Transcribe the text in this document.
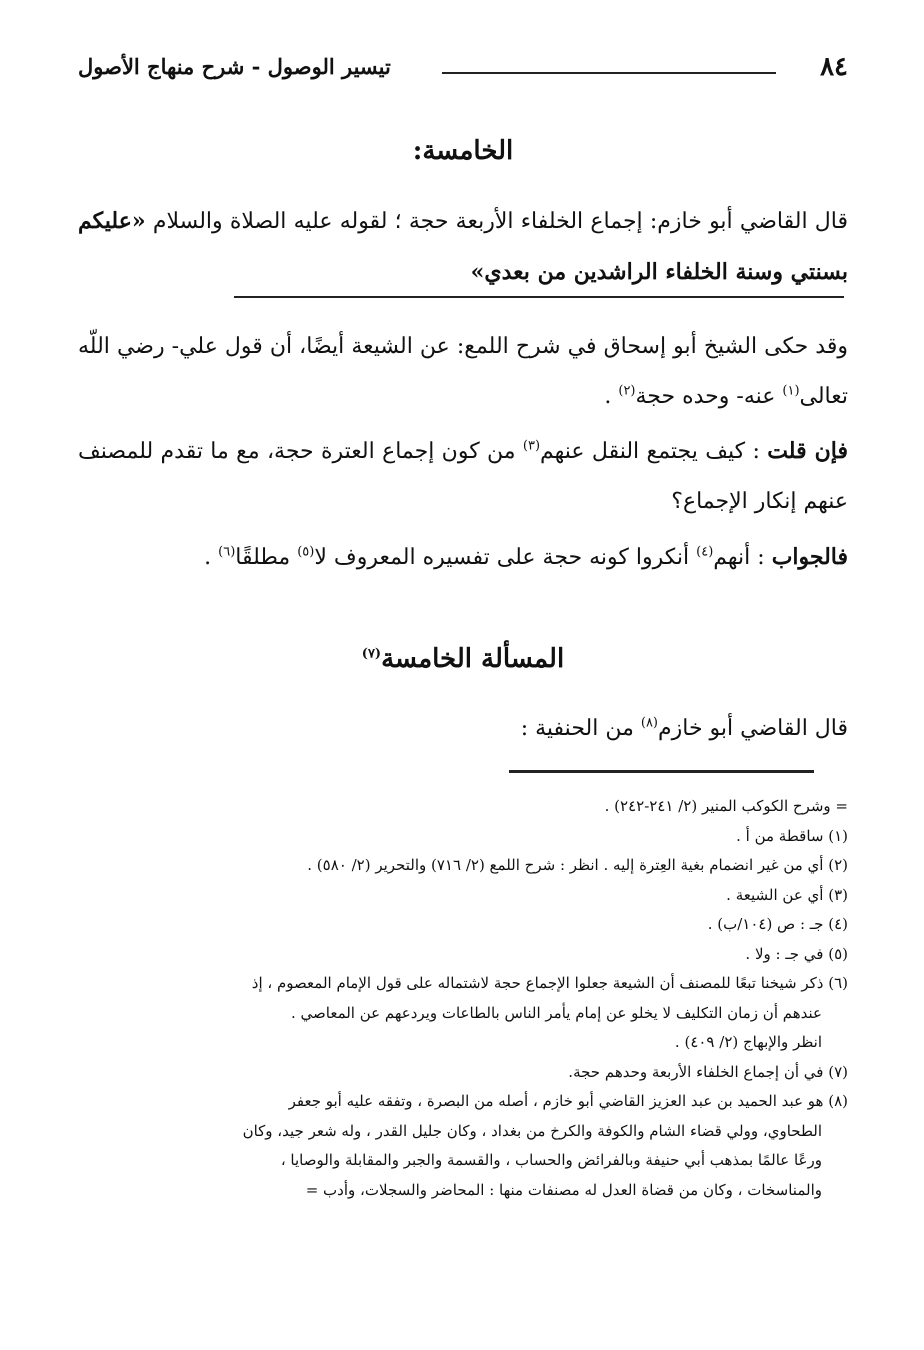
٨٤
تيسير الوصول - شرح منهاج الأصول
الخامسة:
قال القاضي أبو خازم: إجماع الخلفاء الأربعة حجة ؛ لقوله عليه الصلاة والسلام «عليكم بسنتي وسنة الخلفاء الراشدين من بعدي»
وقد حكى الشيخ أبو إسحاق في شرح اللمع: عن الشيعة أيضًا، أن قول علي- رضي اللّه تعالى$^{(١)}$ عنه- وحده حجة$^{(٢)}$ .
فإن قلت : كيف يجتمع النقل عنهم$^{(٣)}$ من كون إجماع العترة حجة، مع ما تقدم للمصنف عنهم إنكار الإجماع؟
فالجواب : أنهم$^{(٤)}$ أنكروا كونه حجة على تفسيره المعروف لا$^{(٥)}$ مطلقًا$^{(٦)}$ .
المسألة الخامسة$^{(٧)}$
قال القاضي أبو خازم$^{(٨)}$ من الحنفية :
= وشرح الكوكب المنير (٢/ ٢٤١-٢٤٢) .
(١) ساقطة من أ .
(٢) أي من غير انضمام بغية العِترة إليه . انظر : شرح اللمع (٢/ ٧١٦) والتحرير (٢/ ٥٨٠) .
(٣) أي عن الشيعة .
(٤) جـ : ص (١٠٤/ب) .
(٥) في جـ : ولا .
(٦) ذكر شيخنا تبعًا للمصنف أن الشيعة جعلوا الإجماع حجة لاشتماله على قول الإمام المعصوم ، إذ
عندهم أن زمان التكليف لا يخلو عن إمام يأمر الناس بالطاعات ويردعهم عن المعاصي .
انظر والإبهاج (٢/ ٤٠٩) .
(٧) في أن إجماع الخلفاء الأربعة وحدهم حجة.
(٨) هو عبد الحميد بن عبد العزيز القاضي أبو خازم ، أصله من البصرة ، وتفقه عليه أبو جعفر
الطحاوي، وولي قضاء الشام والكوفة والكرخ من بغداد ، وكان جليل القدر ، وله شعر جيد، وكان
ورعًا عالمًا بمذهب أبي حنيفة وبالفرائض والحساب ، والقسمة والجبر والمقابلة والوصايا ،
والمناسخات ، وكان من قضاة العدل له مصنفات منها : المحاضر والسجلات، وأدب =
